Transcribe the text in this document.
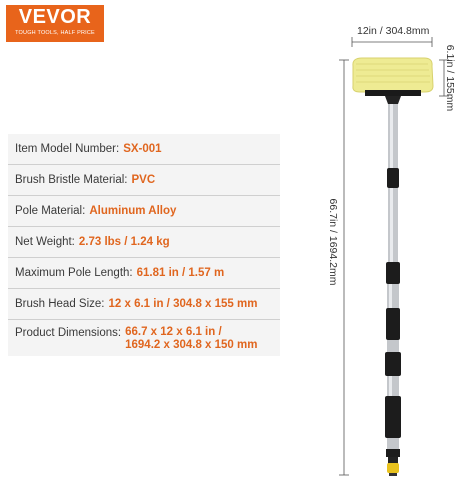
VEVOR
TOUGH TOOLS, HALF PRICE	12in / 304.8mm
6.1in / 155mm
66.7in / 1694.2mm
Item Model Number: SX-001
Brush Bristle Material: PVC
Pole Material: Aluminum Alloy
Net Weight: 2.73 lbs / 1.24 kg
Maximum Pole Length: 61.81 in / 1.57 m
Brush Head Size: 12 x 6.1 in / 304.8 x 155 mm
Product Dimensions: 66.7 x 12 x 6.1 in /
1694.2 x 304.8 x 150 mm
